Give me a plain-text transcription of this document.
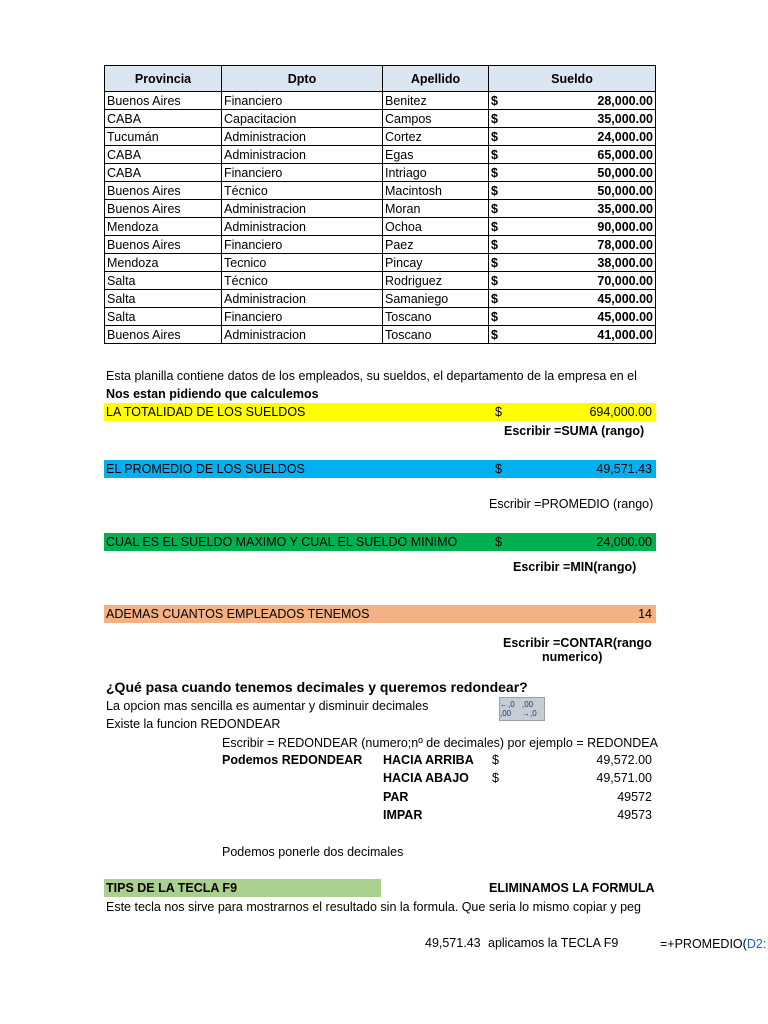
Provincia	Dpto	Apellido	Sueldo
Buenos Aires	Financiero	Benitez	$ 28,000.00

CABA	Capacitacion	Campos	$ 35,000.00

Tucumán	Administracion	Cortez	$ 24,000.00

CABA	Administracion	Egas	$ 65,000.00

CABA	Financiero	Intriago	$ 50,000.00

Buenos Aires	Técnico	Macintosh	$ 50,000.00

Buenos Aires	Administracion	Moran	$ 35,000.00

Mendoza	Administracion	Ochoa	$ 90,000.00

Buenos Aires	Financiero	Paez	$ 78,000.00

Mendoza	Tecnico	Pincay	$ 38,000.00

Salta	Técnico	Rodriguez	$ 70,000.00

Salta	Administracion	Samaniego	$ 45,000.00

Salta	Financiero	Toscano	$ 45,000.00

Buenos Aires	Administracion	Toscano	$ 41,000.00
Esta planilla contiene datos de los empleados, su sueldos, el departamento de la empresa en el
Nos estan pidiendo que calculemos
LA TOTALIDAD DE LOS SUELDOS	$	694,000.00
Escribir =SUMA (rango)
EL PROMEDIO DE LOS SUELDOS	$	49,571.43
Escribir =PROMEDIO (rango)
CUAL ES EL SUELDO MAXIMO Y CUAL EL SUELDO MINIMO	$	24,000.00
Escribir =MIN(rango)
ADEMAS CUANTOS EMPLEADOS TENEMOS	14
Escribir =CONTAR(rango
numerico)
¿Qué pasa cuando tenemos decimales y queremos redondear?
La opcion mas sencilla es aumentar y disminuir decimales	←,0 ,00
,00 →,0
Existe la funcion REDONDEAR
Escribir = REDONDEAR (numero;nº de decimales) por ejemplo = REDONDEA
Podemos REDONDEAR HACIA ARRIBA $	49,572.00
HACIA ABAJO $	49,571.00
PAR	49572
IMPAR	49573
Podemos ponerle dos decimales
TIPS DE LA TECLA F9	ELIMINAMOS LA FORMULA
Este tecla nos sirve para mostrarnos el resultado sin la formula. Que seria lo mismo copiar y peg
49,571.43 aplicamos la TECLA F9	=+PROMEDIO(D2:
